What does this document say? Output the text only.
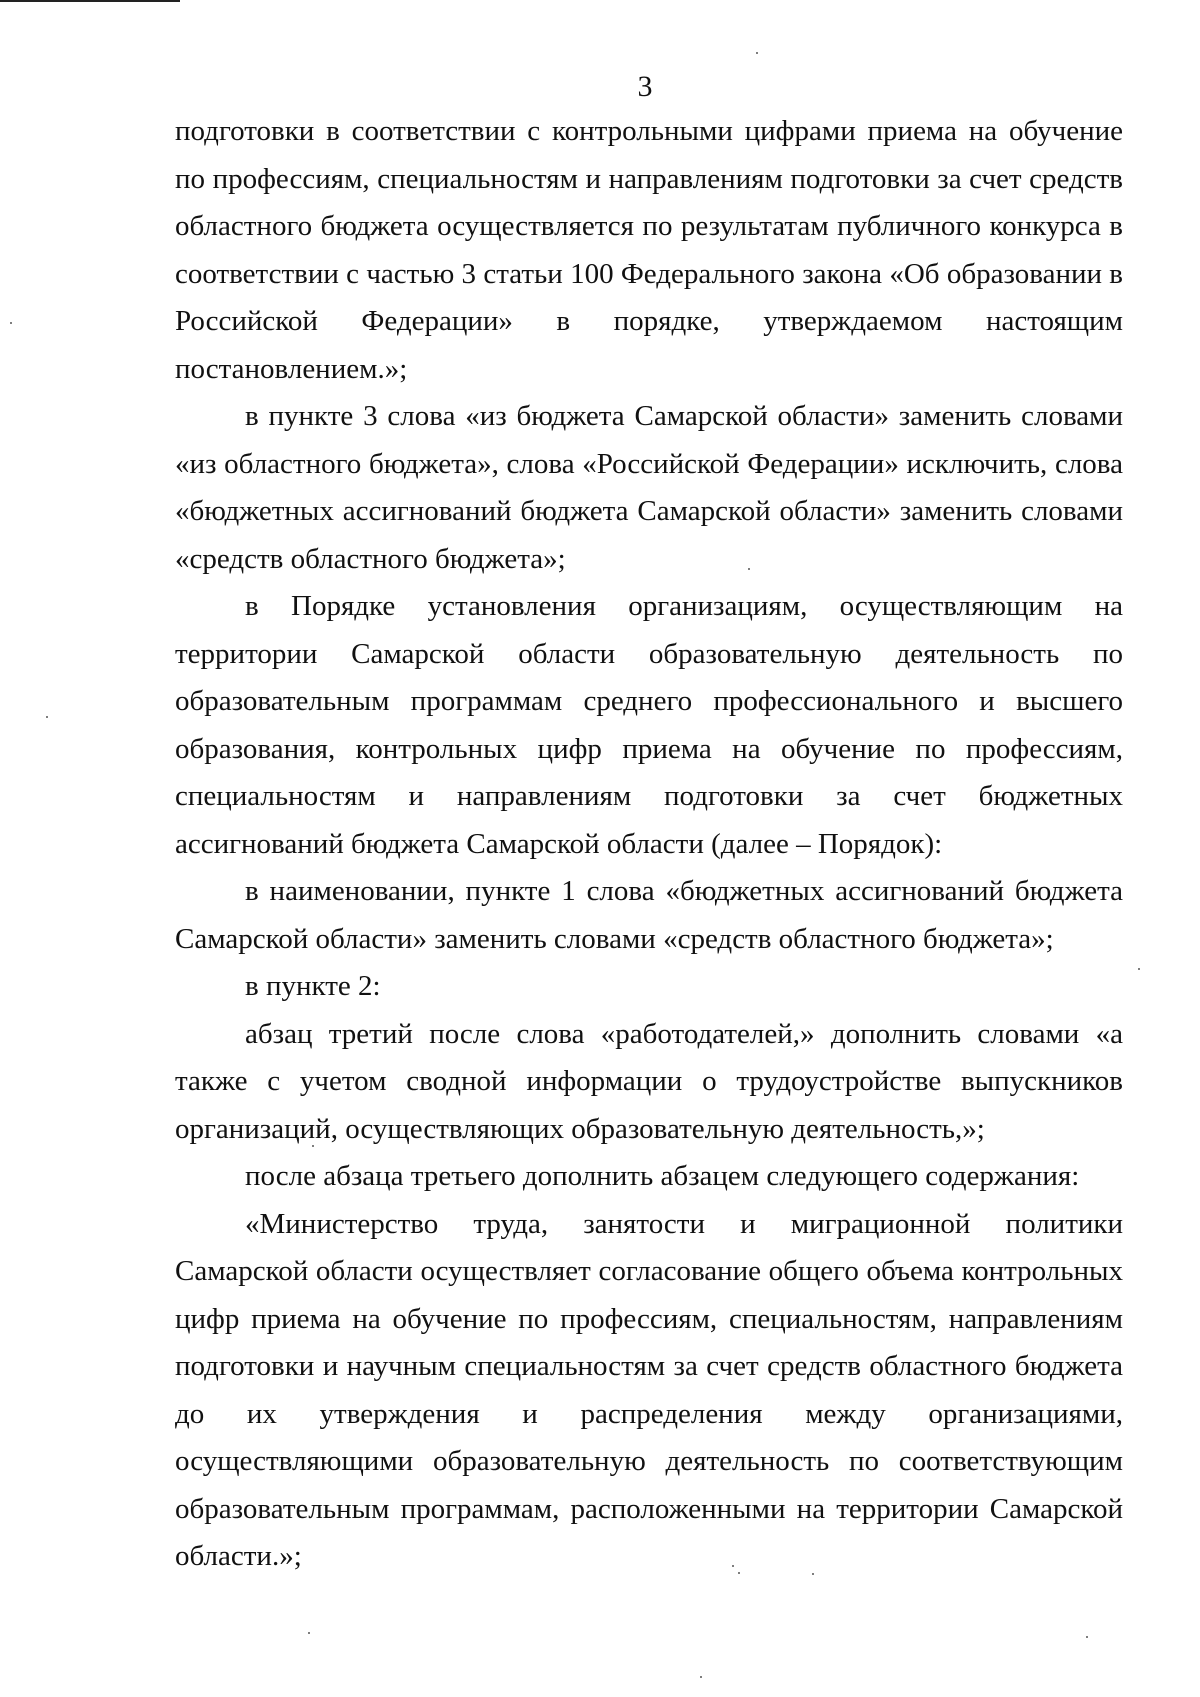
3

подготовки в соответствии с контрольными цифрами приема на обучение по профессиям, специальностям и направлениям подготовки за счет средств областного бюджета осуществляется по результатам публичного конкурса в соответствии с частью 3 статьи 100 Федерального закона «Об образовании в Российской Федерации» в порядке, утверждаемом настоящим постановлением.»;

в пункте 3 слова «из бюджета Самарской области» заменить словами «из областного бюджета», слова «Российской Федерации» исключить, слова «бюджетных ассигнований бюджета Самарской области» заменить словами «средств областного бюджета»;

в Порядке установления организациям, осуществляющим на территории Самарской области образовательную деятельность по образовательным программам среднего профессионального и высшего образования, контрольных цифр приема на обучение по профессиям, специальностям и направлениям подготовки за счет бюджетных ассигнований бюджета Самарской области (далее – Порядок):

в наименовании, пункте 1 слова «бюджетных ассигнований бюджета Самарской области» заменить словами «средств областного бюджета»;

в пункте 2:

абзац третий после слова «работодателей,» дополнить словами «а также с учетом сводной информации о трудоустройстве выпускников организаций, осуществляющих образовательную деятельность,»;

после абзаца третьего дополнить абзацем следующего содержания:

«Министерство труда, занятости и миграционной политики Самарской области осуществляет согласование общего объема контрольных цифр приема на обучение по профессиям, специальностям, направлениям подготовки и научным специальностям за счет средств областного бюджета до их утверждения и распределения между организациями, осуществляющими образовательную деятельность по соответствующим образовательным программам, расположенными на территории Самарской области.»;
